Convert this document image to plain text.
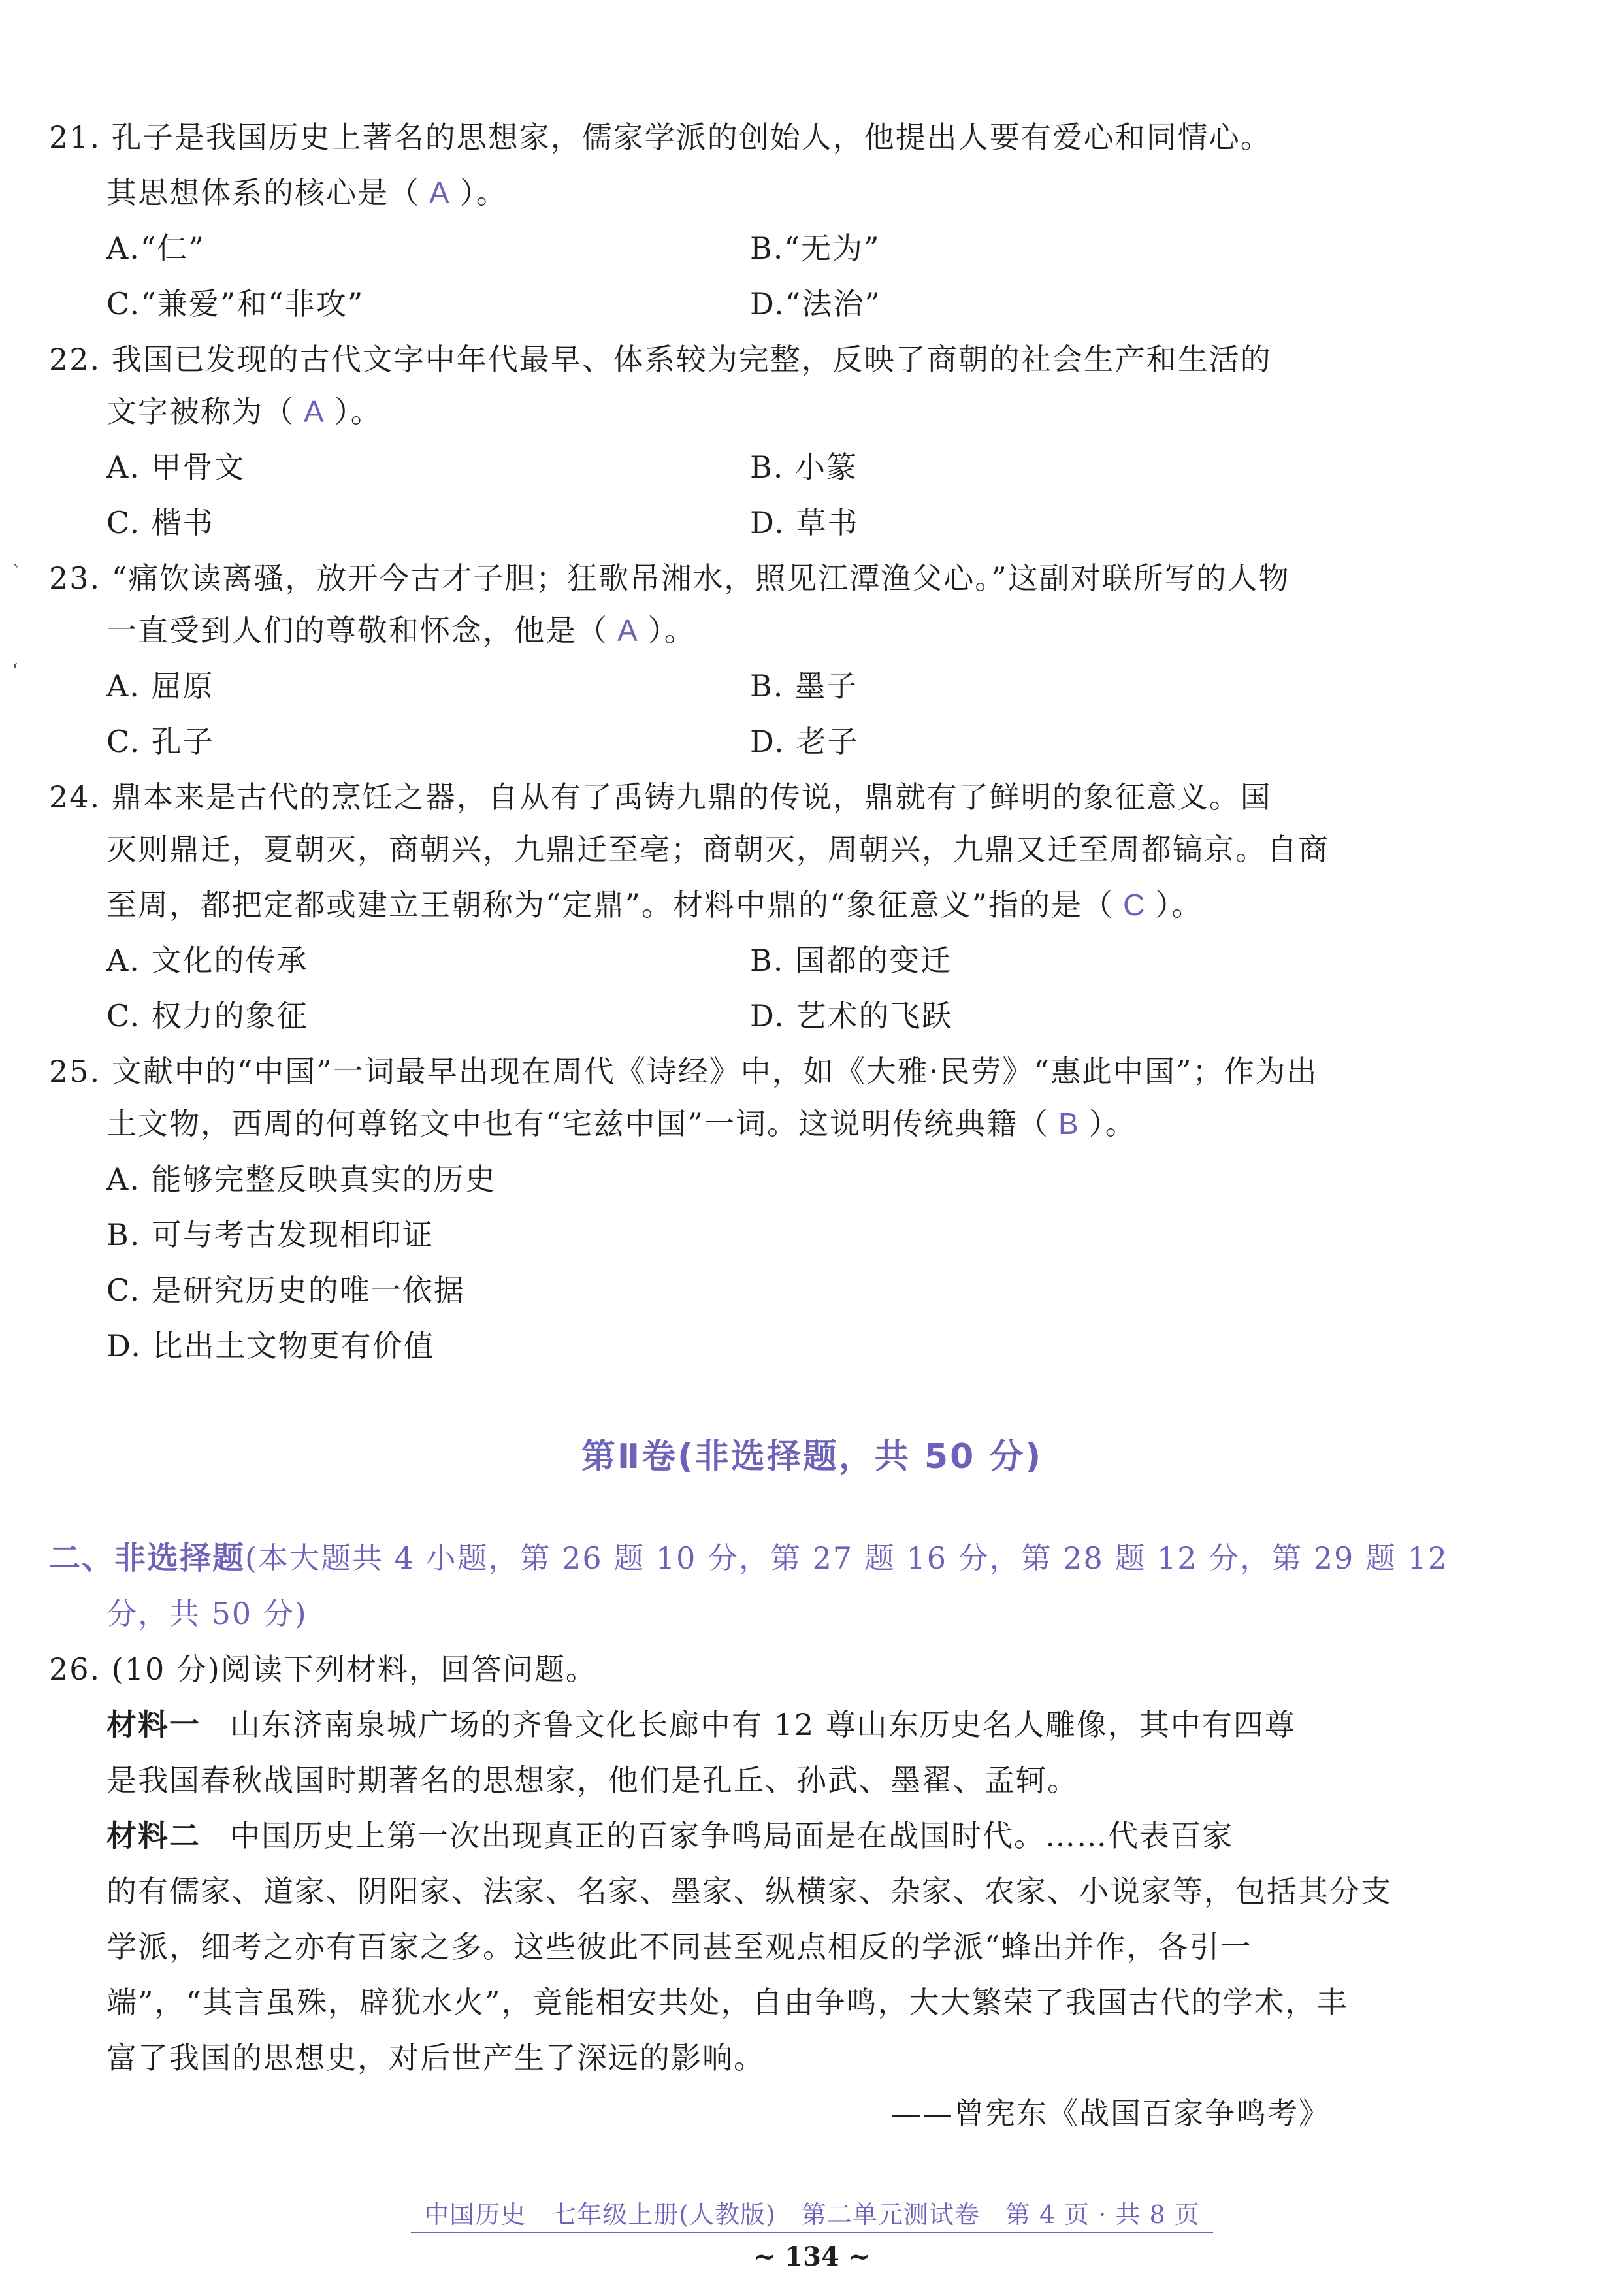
21. 孔子是我国历史上著名的思想家，儒家学派的创始人，他提出人要有爱心和同情心。
其思想体系的核心是（ A ）。
A.“仁”	B.“无为”
C.“兼爱”和“非攻”	D.“法治”
22. 我国已发现的古代文字中年代最早、体系较为完整，反映了商朝的社会生产和生活的
文字被称为（ A ）。
A. 甲骨文	B. 小篆
C. 楷书	D. 草书
23. “痛饮读离骚，放开今古才子胆；狂歌吊湘水，照见江潭渔父心。”这副对联所写的人物
一直受到人们的尊敬和怀念，他是（ A ）。
A. 屈原	B. 墨子
C. 孔子	D. 老子
24. 鼎本来是古代的烹饪之器，自从有了禹铸九鼎的传说，鼎就有了鲜明的象征意义。国
灭则鼎迁，夏朝灭，商朝兴，九鼎迁至亳；商朝灭，周朝兴，九鼎又迁至周都镐京。自商
至周，都把定都或建立王朝称为“定鼎”。材料中鼎的“象征意义”指的是（ C ）。
A. 文化的传承	B. 国都的变迁
C. 权力的象征	D. 艺术的飞跃
25. 文献中的“中国”一词最早出现在周代《诗经》中，如《大雅·民劳》“惠此中国”；作为出
土文物，西周的何尊铭文中也有“宅兹中国”一词。这说明传统典籍（ B ）。
A. 能够完整反映真实的历史
B. 可与考古发现相印证
C. 是研究历史的唯一依据
D. 比出土文物更有价值
第Ⅱ卷(非选择题，共 50 分)
二、非选择题(本大题共 4 小题，第 26 题 10 分，第 27 题 16 分，第 28 题 12 分，第 29 题 12
分，共 50 分)
26. (10 分)阅读下列材料，回答问题。
材料一 山东济南泉城广场的齐鲁文化长廊中有 12 尊山东历史名人雕像，其中有四尊
是我国春秋战国时期著名的思想家，他们是孔丘、孙武、墨翟、孟轲。
材料二 中国历史上第一次出现真正的百家争鸣局面是在战国时代。……代表百家
的有儒家、道家、阴阳家、法家、名家、墨家、纵横家、杂家、农家、小说家等，包括其分支
学派，细考之亦有百家之多。这些彼此不同甚至观点相反的学派“蜂出并作，各引一
端”，“其言虽殊，辟犹水火”，竟能相安共处，自由争鸣，大大繁荣了我国古代的学术，丰
富了我国的思想史，对后世产生了深远的影响。
——曾宪东《战国百家争鸣考》
中国历史　七年级上册(人教版)　第二单元测试卷　第 4 页 · 共 8 页
~ 134 ~
`
‘
